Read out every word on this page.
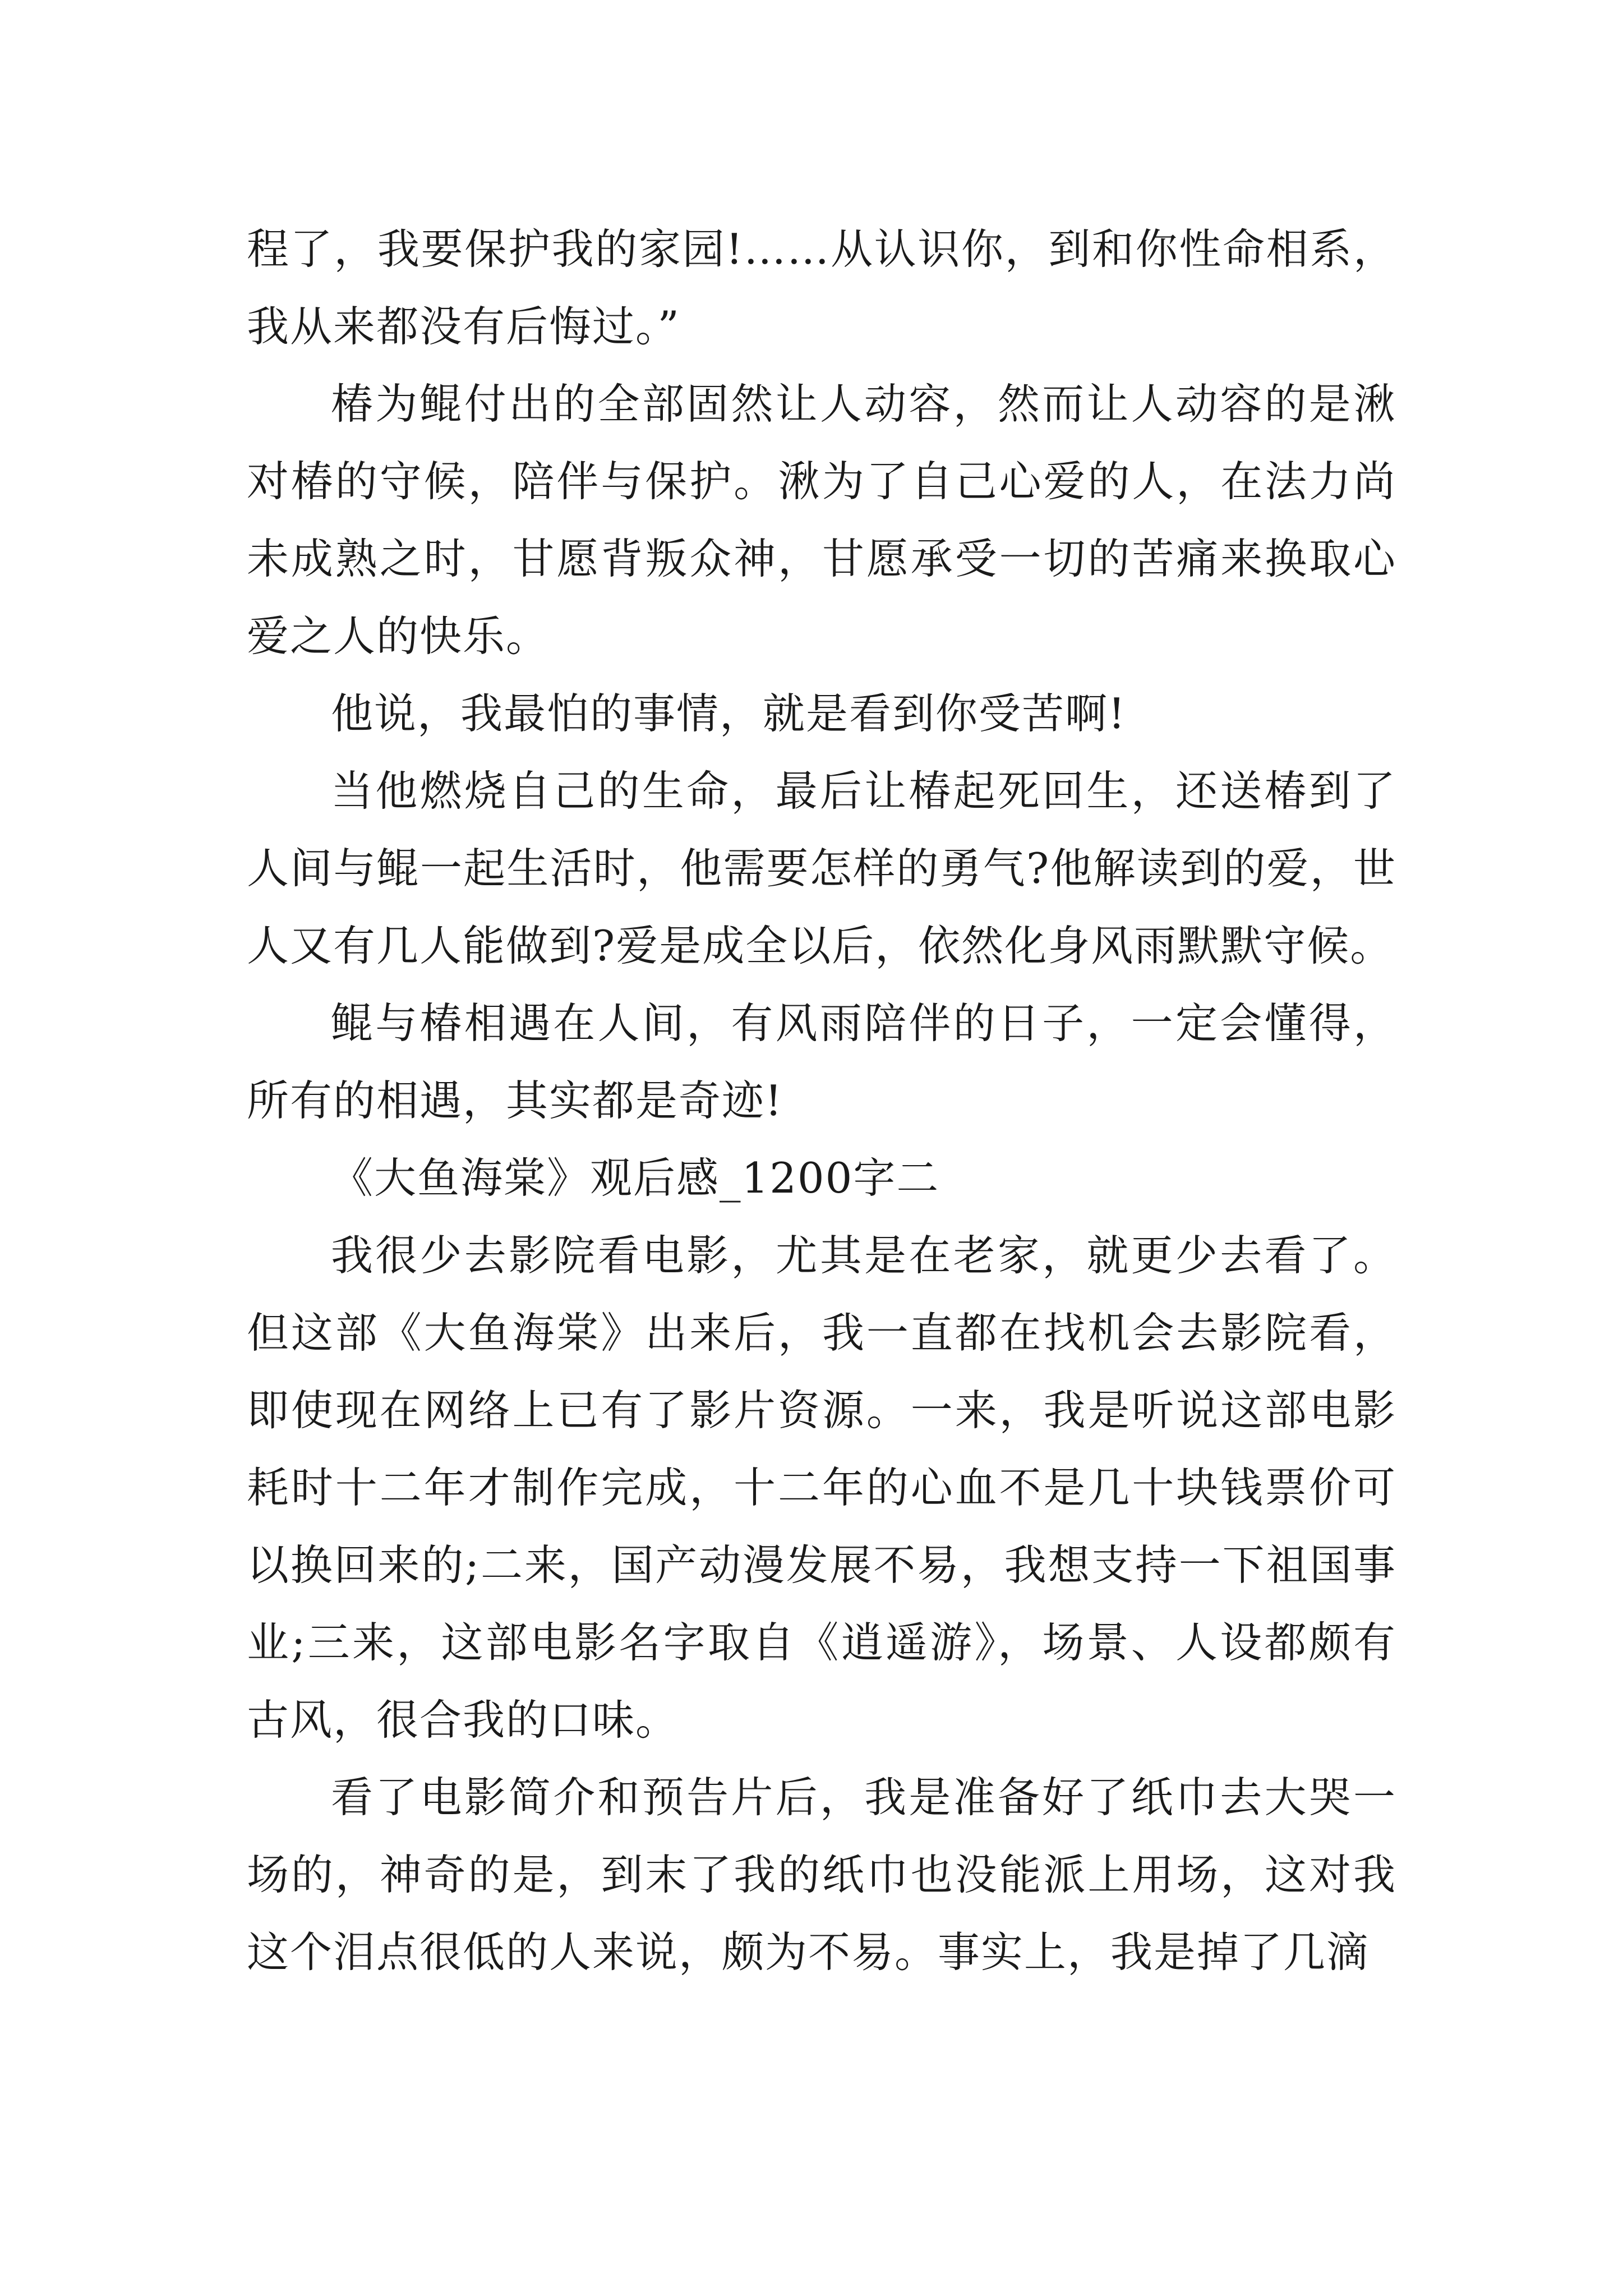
程了，我要保护我的家园!……从认识你，到和你性命相系，我从来都没有后悔过。”

椿为鲲付出的全部固然让人动容，然而让人动容的是湫对椿的守候，陪伴与保护。湫为了自己心爱的人，在法力尚未成熟之时，甘愿背叛众神，甘愿承受一切的苦痛来换取心爱之人的快乐。

他说，我最怕的事情，就是看到你受苦啊!

当他燃烧自己的生命，最后让椿起死回生，还送椿到了人间与鲲一起生活时，他需要怎样的勇气?他解读到的爱，世人又有几人能做到?爱是成全以后，依然化身风雨默默守候。

鲲与椿相遇在人间，有风雨陪伴的日子，一定会懂得，所有的相遇，其实都是奇迹!

《大鱼海棠》观后感_1200字二

我很少去影院看电影，尤其是在老家，就更少去看了。但这部《大鱼海棠》出来后，我一直都在找机会去影院看，即使现在网络上已有了影片资源。一来，我是听说这部电影耗时十二年才制作完成，十二年的心血不是几十块钱票价可以换回来的;二来，国产动漫发展不易，我想支持一下祖国事业;三来，这部电影名字取自《逍遥游》，场景、人设都颇有古风，很合我的口味。

看了电影简介和预告片后，我是准备好了纸巾去大哭一场的，神奇的是，到末了我的纸巾也没能派上用场，这对我这个泪点很低的人来说，颇为不易。事实上，我是掉了几滴
